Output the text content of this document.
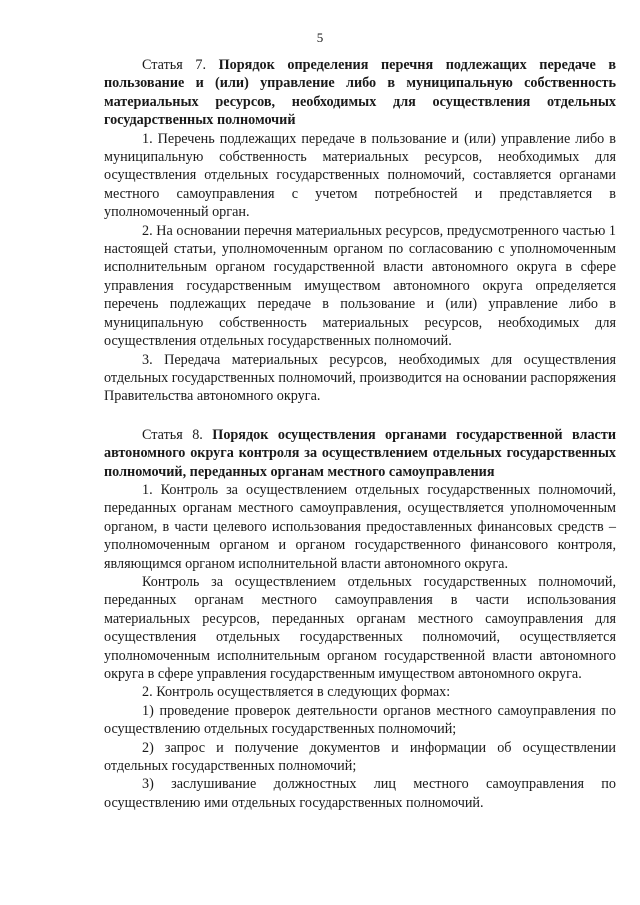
5

Статья 7. Порядок определения перечня подлежащих передаче в пользование и (или) управление либо в муниципальную собственность материальных ресурсов, необходимых для осуществления отдельных государственных полномочий

1. Перечень подлежащих передаче в пользование и (или) управление либо в муниципальную собственность материальных ресурсов, необходимых для осуществления отдельных государственных полномочий, составляется органами местного самоуправления с учетом потребностей и представляется в уполномоченный орган.

2. На основании перечня материальных ресурсов, предусмотренного частью 1 настоящей статьи, уполномоченным органом по согласованию с уполномоченным исполнительным органом государственной власти автономного округа в сфере управления государственным имуществом автономного округа определяется перечень подлежащих передаче в пользование и (или) управление либо в муниципальную собственность материальных ресурсов, необходимых для осуществления отдельных государственных полномочий.

3. Передача материальных ресурсов, необходимых для осуществления отдельных государственных полномочий, производится на основании распоряжения Правительства автономного округа.

Статья 8. Порядок осуществления органами государственной власти автономного округа контроля за осуществлением отдельных государственных полномочий, переданных органам местного самоуправления

1. Контроль за осуществлением отдельных государственных полномочий, переданных органам местного самоуправления, осуществляется уполномоченным органом, в части целевого использования предоставленных финансовых средств – уполномоченным органом и органом государственного финансового контроля, являющимся органом исполнительной власти автономного округа.

Контроль за осуществлением отдельных государственных полномочий, переданных органам местного самоуправления в части использования материальных ресурсов, переданных органам местного самоуправления для осуществления отдельных государственных полномочий, осуществляется уполномоченным исполнительным органом государственной власти автономного округа в сфере управления государственным имуществом автономного округа.

2. Контроль осуществляется в следующих формах:

1) проведение проверок деятельности органов местного самоуправления по осуществлению отдельных государственных полномочий;

2) запрос и получение документов и информации об осуществлении отдельных государственных полномочий;

3) заслушивание должностных лиц местного самоуправления по осуществлению ими отдельных государственных полномочий.
